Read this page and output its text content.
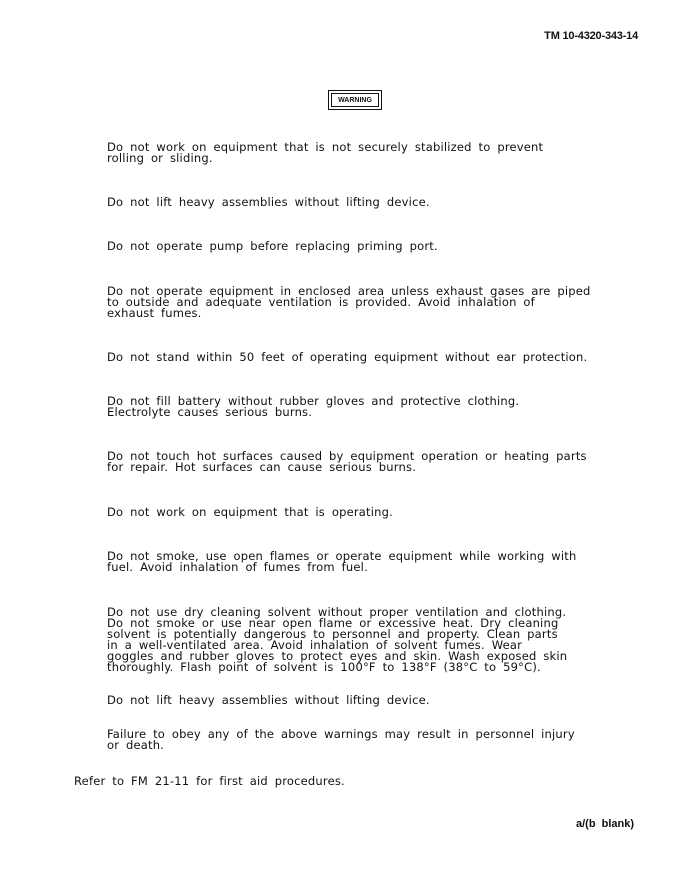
TM 10-4320-343-14
WARNING
Do not work on equipment that is not securely stabilized to prevent
rolling or sliding.
Do not lift heavy assemblies without lifting device.
Do not operate pump before replacing priming port.
Do not operate equipment in enclosed area unless exhaust gases are piped
to outside and adequate ventilation is provided. Avoid inhalation of
exhaust fumes.
Do not stand within 50 feet of operating equipment without ear protection.
Do not fill battery without rubber gloves and protective clothing.
Electrolyte causes serious burns.
Do not touch hot surfaces caused by equipment operation or heating parts
for repair. Hot surfaces can cause serious burns.
Do not work on equipment that is operating.
Do not smoke, use open flames or operate equipment while working with
fuel. Avoid inhalation of fumes from fuel.
Do not use dry cleaning solvent without proper ventilation and clothing.
Do not smoke or use near open flame or excessive heat. Dry cleaning
solvent is potentially dangerous to personnel and property. Clean parts
in a well-ventilated area. Avoid inhalation of solvent fumes. Wear
goggles and rubber gloves to protect eyes and skin. Wash exposed skin
thoroughly. Flash point of solvent is 100°F to 138°F (38°C to 59°C).
Do not lift heavy assemblies without lifting device.
Failure to obey any of the above warnings may result in personnel injury
or death.
Refer to FM 21-11 for first aid procedures.
a/(b blank)
